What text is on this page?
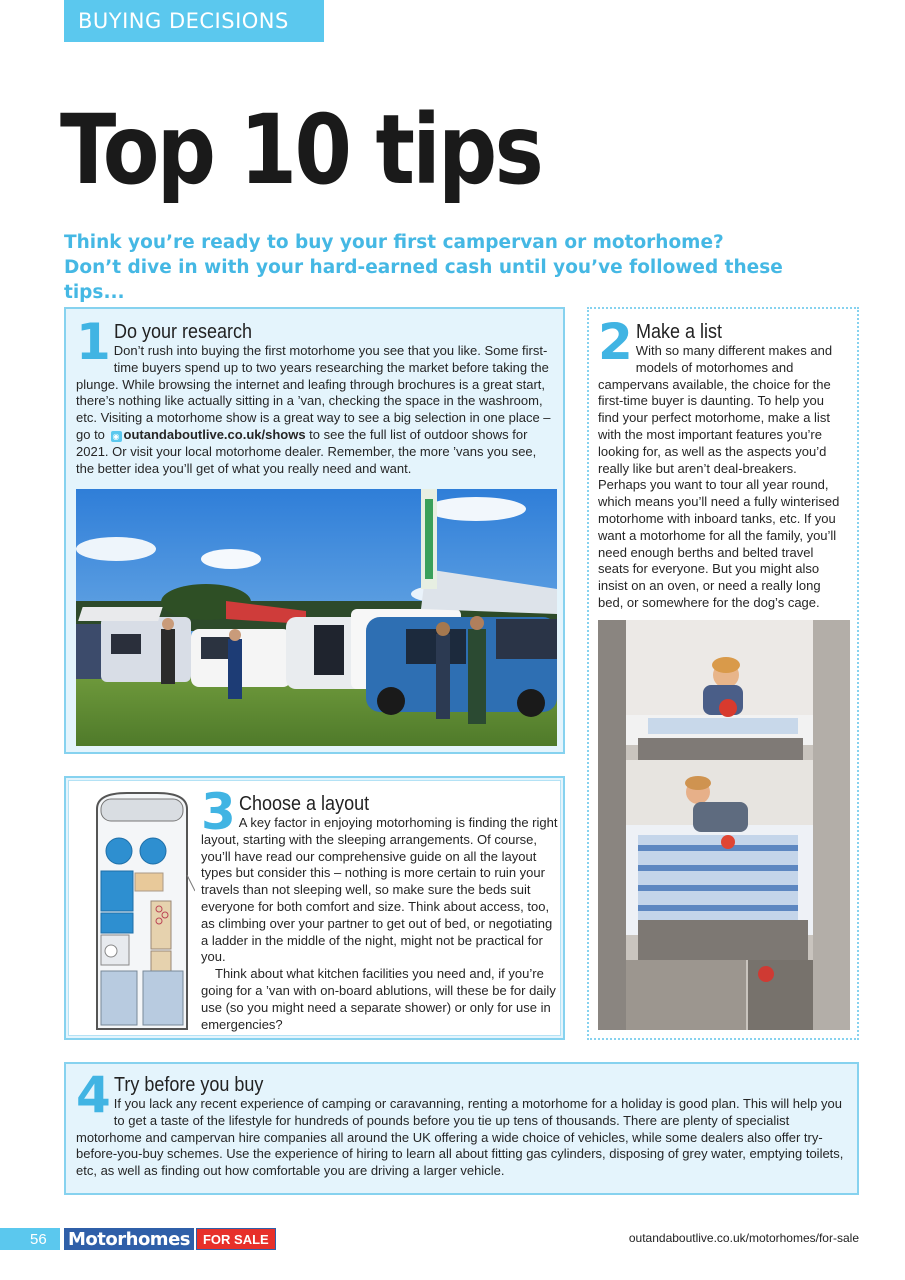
BUYING DECISIONS
Top 10 tips

Think you’re ready to buy your first campervan or motorhome? Don’t dive in with your hard-earned cash until you’ve followed these tips...

1 Do your research

Don’t rush into buying the first motorhome you see that you like. Some first-time buyers spend up to two years researching the market before taking the plunge. While browsing the internet and leafing through brochures is a great start, there’s nothing like actually sitting in a ’van, checking the space in the washroom, etc. Visiting a motorhome show is a great way to see a big selection in one place – go to ◉ outandaboutlive.co.uk/shows to see the full list of outdoor shows for 2021. Or visit your local motorhome dealer. Remember, the more ’vans you see, the better idea you’ll get of what you really need and want.

2 Make a list

With so many different makes and models of motorhomes and campervans available, the choice for the first-time buyer is daunting. To help you find your perfect motorhome, make a list with the most important features you’re looking for, as well as the aspects you’d really like but aren’t deal-breakers. Perhaps you want to tour all year round, which means you’ll need a fully winterised motorhome with inboard tanks, etc. If you want a motorhome for all the family, you’ll need enough berths and belted travel seats for everyone. But you might also insist on an oven, or need a really long bed, or somewhere for the dog’s cage.

3 Choose a layout

A key factor in enjoying motorhoming is finding the right layout, starting with the sleeping arrangements. Of course, you’ll have read our comprehensive guide on all the layout types but consider this – nothing is more certain to ruin your travels than not sleeping well, so make sure the beds suit everyone for both comfort and size. Think about access, too, as climbing over your partner to get out of bed, or negotiating a ladder in the middle of the night, might not be practical for you.

Think about what kitchen facilities you need and, if you’re going for a ’van with on-board ablutions, will these be for daily use (so you might need a separate shower) or only for use in emergencies?

4 Try before you buy

If you lack any recent experience of camping or caravanning, renting a motorhome for a holiday is good plan. This will help you to get a taste of the lifestyle for hundreds of pounds before you tie up tens of thousands. There are plenty of specialist motorhome and campervan hire companies all around the UK offering a wide choice of vehicles, while some dealers also offer try-before-you-buy schemes. Use the experience of hiring to learn all about fitting gas cylinders, disposing of grey water, emptying toilets, etc, as well as finding out how comfortable you are driving a larger vehicle.

56	Motorhomes	FOR SALE	outandaboutlive.co.uk/motorhomes/for-sale
